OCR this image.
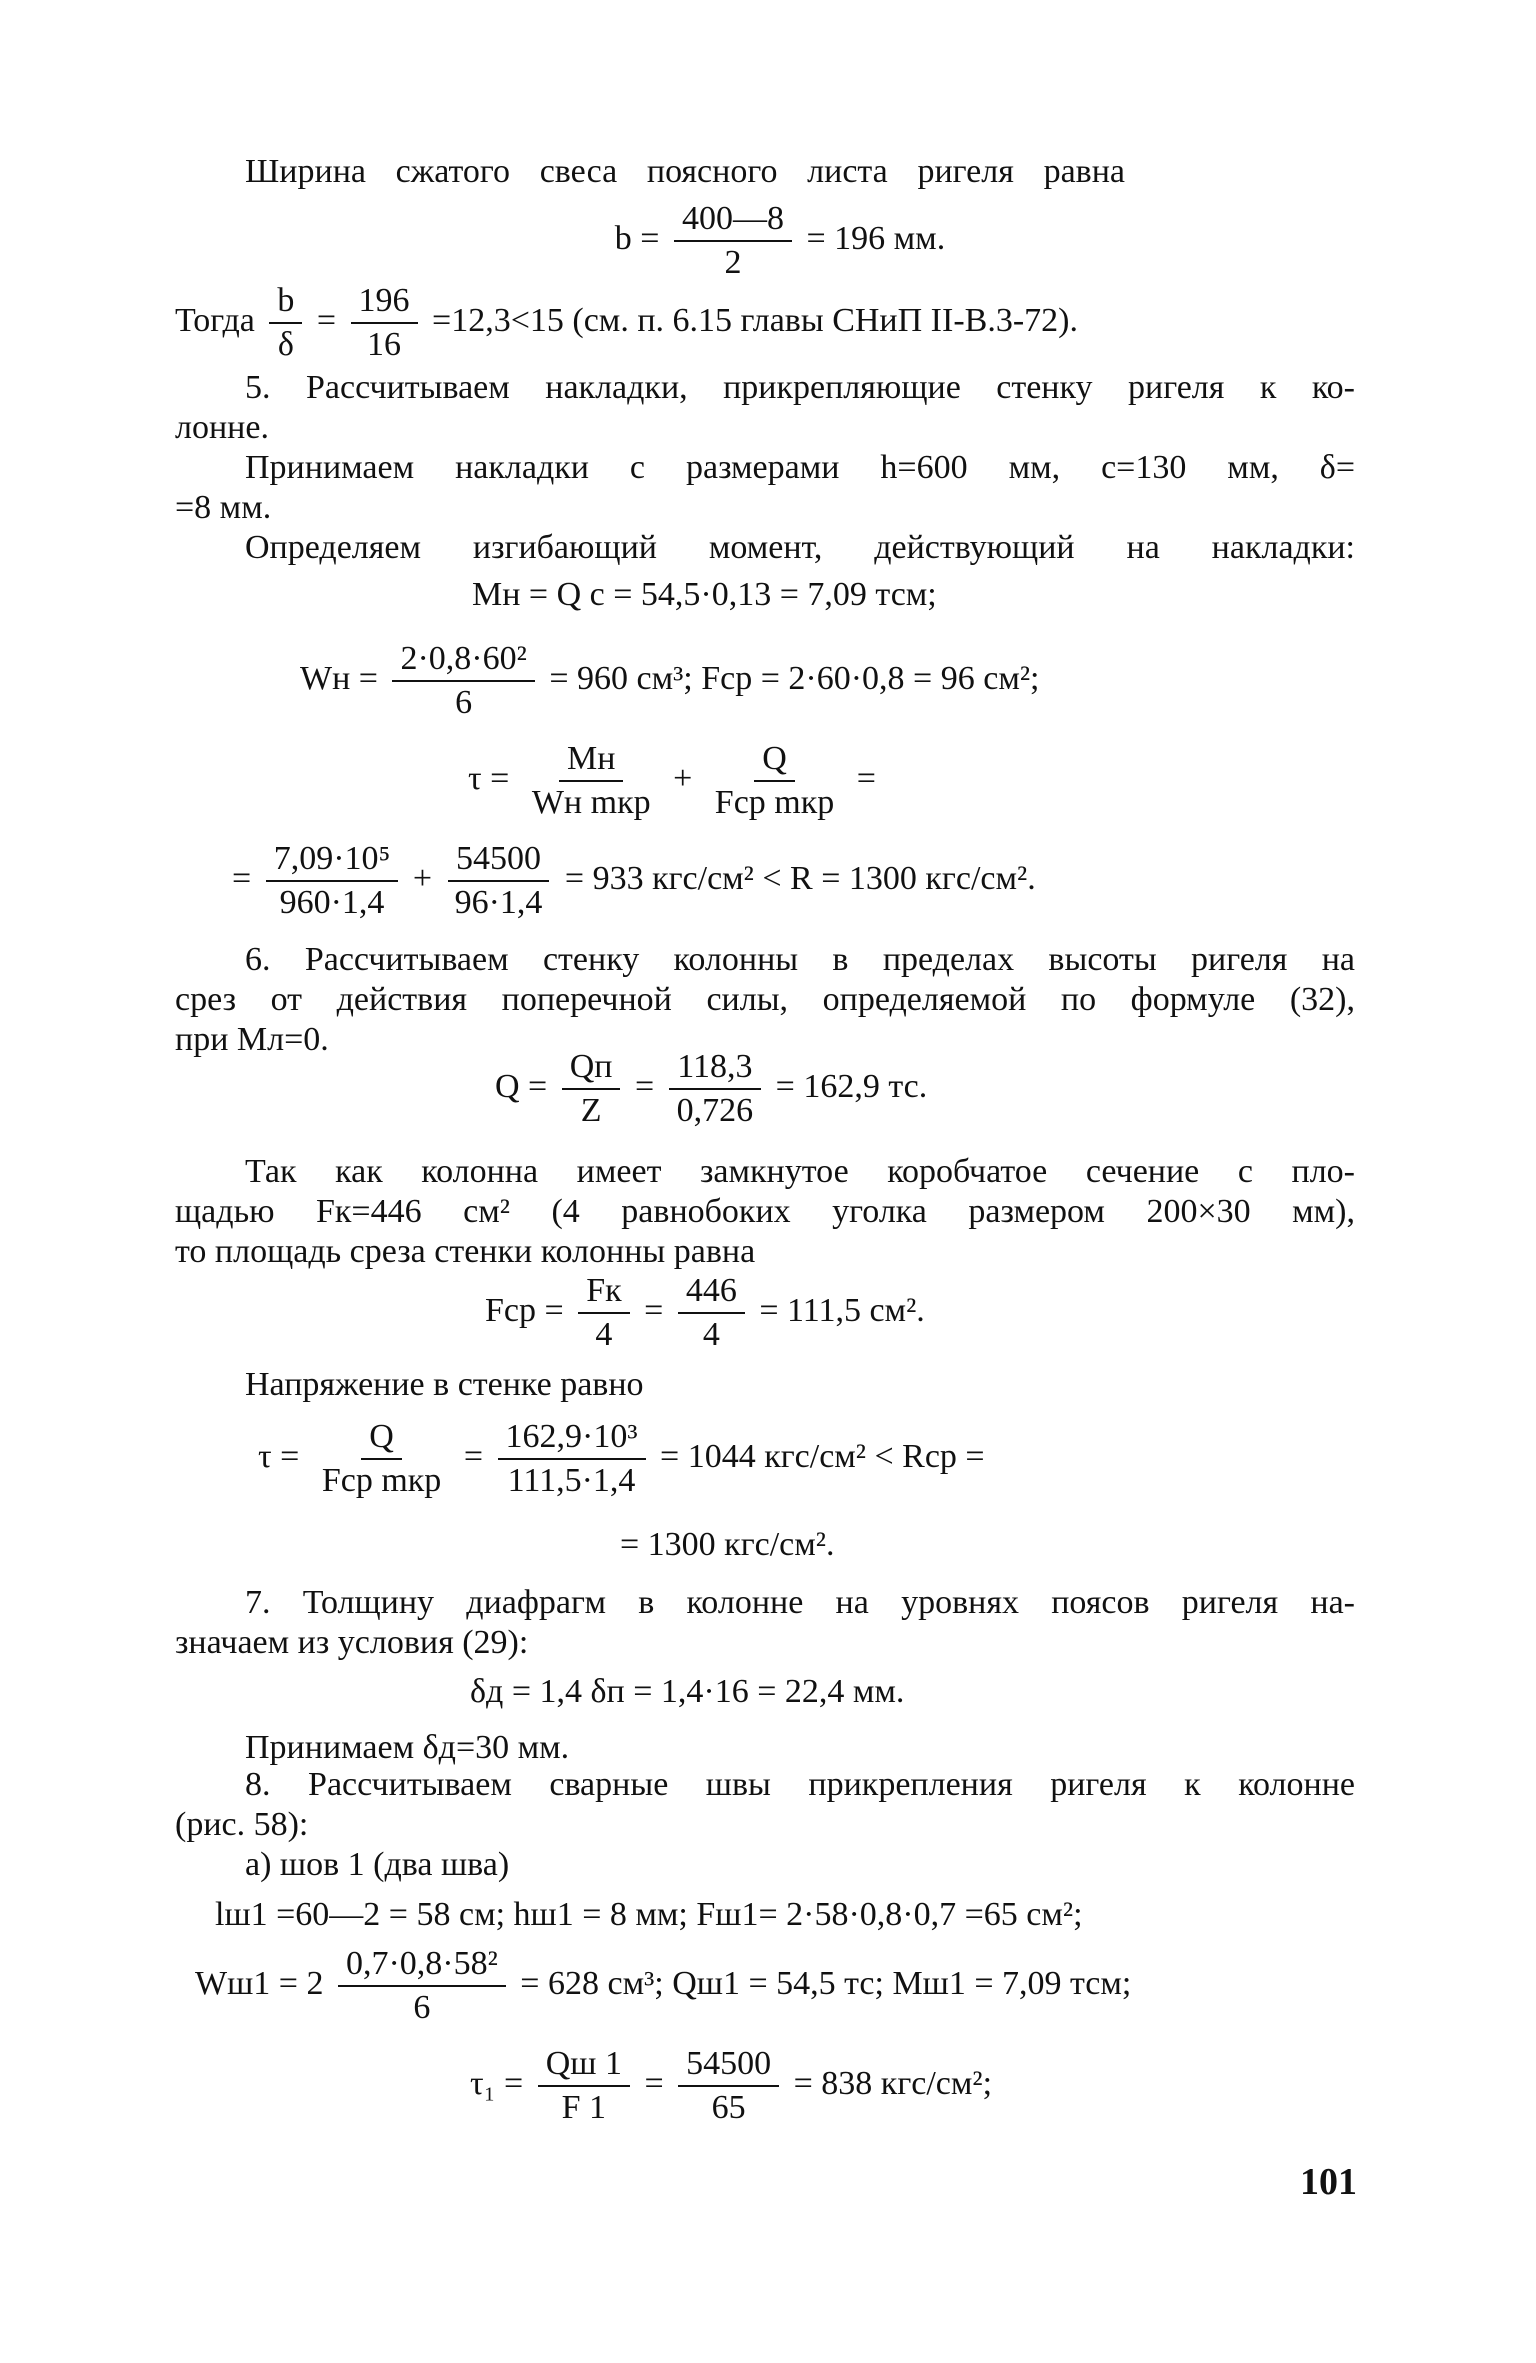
Ширина сжатого свеса поясного листа ригеля равна
$b = \frac{400—8}{2} = 196$ мм.
Тогда $\frac{b}{\delta} = \frac{196}{16} =12,3<15$ (см. п. 6.15 главы СНиП II-В.3-72).
5. Рассчитываем накладки, прикрепляющие стенку ригеля к ко-
лонне.
Принимаем накладки с размерами h=600 мм, c=130 мм, δ=
=8 мм.
Определяем изгибающий момент, действующий на накладки:
Mн = Q c = 54,5·0,13 = 7,09 тсм;
Wн = $\frac{\text{2·0,8·60²}}{6} = 960$ см³; Fср = 2·60·0,8 = 96 см²;
τ =
Mн
Wн mкр
+
Q
Fср mкр
=
= $\frac{\text{7,09·10⁵}}{960\cdot 1,4} + \frac{54500}{96\cdot 1,4} = 933$ кгс/см² < R = 1300 кгс/см².
6. Рассчитываем стенку колонны в пределах высоты ригеля на
срез от действия поперечной силы, определяемой по формуле (32),
при Mл=0.
Q =
Qп
Z
= $\frac{118,3}{0,726} = 162,9$ тс.
Так как колонна имеет замкнутое коробчатое сечение с пло-
щадью Fк=446 см² (4 равнобоких уголка размером 200×30 мм),
то площадь среза стенки колонны равна
Fср =
Fк
4
= $\frac{446}{4} = 111,5$ см².
Напряжение в стенке равно
τ =
Q
Fср mкр
= $\frac{\text{162,9·10³}}{111,5\cdot 1,4} = 1044$ кгс/см² < Rср =
= 1300 кгс/см².
7. Толщину диафрагм в колонне на уровнях поясов ригеля на-
значаем из условия (29):
δд = 1,4 δп = 1,4·16 = 22,4 мм.
Принимаем δд=30 мм.
8. Рассчитываем сварные швы прикрепления ригеля к колонне
(рис. 58):
а) шов 1 (два шва)
lш1 =60—2 = 58 см; hш1 = 8 мм; Fш1= 2·58·0,8·0,7 =65 см²;
$Wш1 = 2 \frac{\text{0,7·0,8·58²}}{6} = 628$ см³; Qш1 = 54,5 тс; Mш1 = 7,09 тсм;
τ₁ =
Qш 1
F 1
= $\frac{54500}{65} = 838$ кгс/см²;
101
